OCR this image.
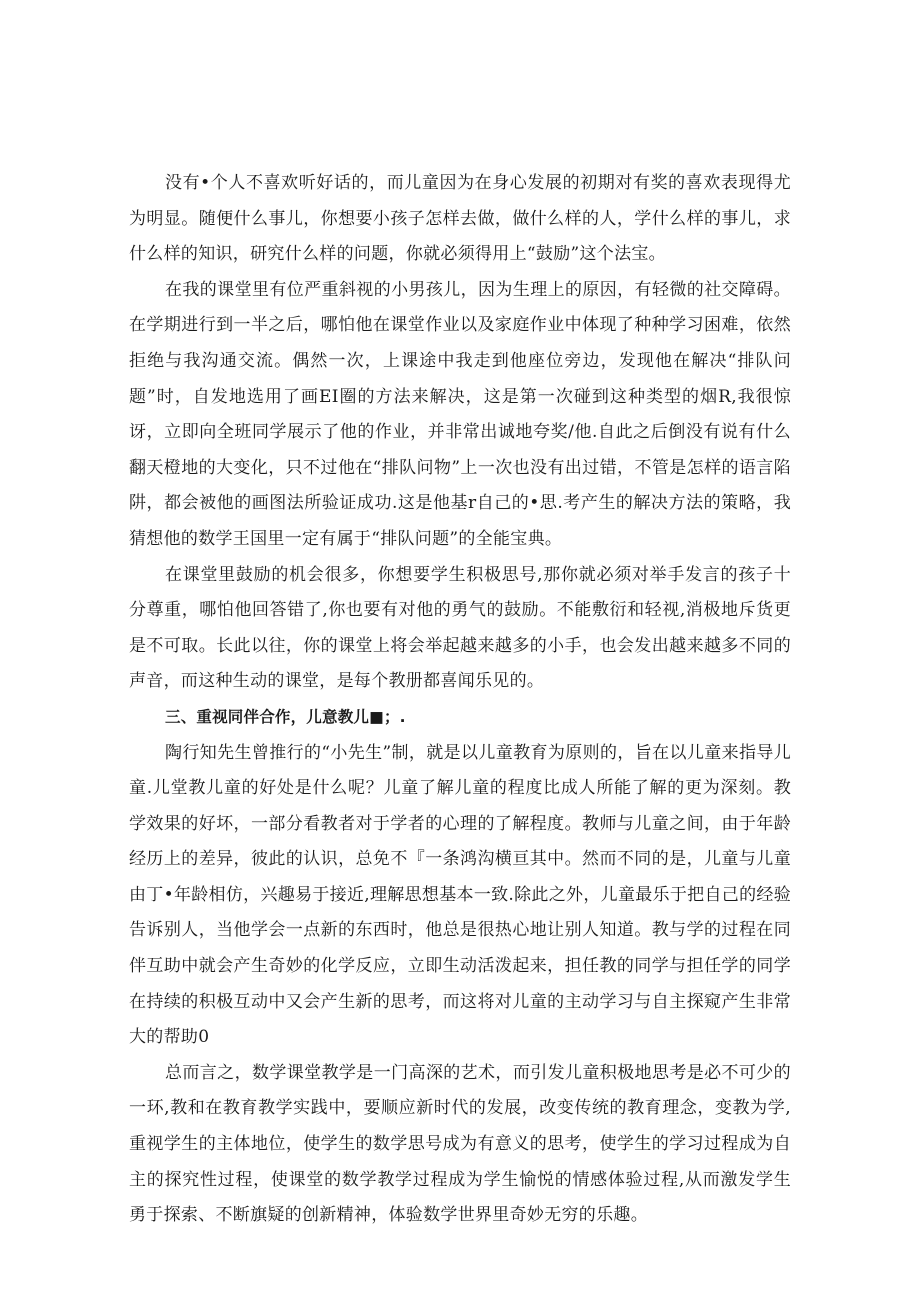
没有•个人不喜欢听好话的，而儿童因为在身心发展的初期对有奖的喜欢表现得尤为明显。随便什么事儿，你想要小孩子怎样去做，做什么样的人，学什么样的事儿，求什么样的知识，研究什么样的问题，你就必须得用上“鼓励”这个法宝。

在我的课堂里有位严重斜视的小男孩儿，因为生理上的原因，有轻微的社交障碍。在学期进行到一半之后，哪怕他在课堂作业以及家庭作业中体现了种种学习困难，依然拒绝与我沟通交流。偶然一次，上课途中我走到他座位旁边，发现他在解决“排队问题”时，自发地选用了画EI圈的方法来解决，这是第一次碰到这种类型的烟R,我很惊讶，立即向全班同学展示了他的作业，并非常出诚地夸奖/他.自此之后倒没有说有什么翻天橙地的大变化，只不过他在“排队问物”上一次也没有出过错，不管是怎样的语言陷阱，都会被他的画图法所验证成功.这是他基r自己的•思.考产生的解决方法的策略，我猜想他的数学王国里一定有属于“排队问题”的全能宝典。

在课堂里鼓励的机会很多，你想要学生积极思号,那你就必须对举手发言的孩子十分尊重，哪怕他回答错了,你也要有对他的勇气的鼓励。不能敷衍和轻视,消极地斥货更是不可取。长此以往，你的课堂上将会举起越来越多的小手，也会发出越来越多不同的声音，而这种生动的课堂，是每个教册都喜闻乐见的。

三、重视同伴合作，儿意教儿■；.

陶行知先生曾推行的“小先生”制，就是以儿童教育为原则的，旨在以儿童来指导儿童.儿堂教儿童的好处是什么呢？儿童了解儿童的程度比成人所能了解的更为深刻。教学效果的好坏，一部分看教者对于学者的心理的了解程度。教师与儿童之间，由于年龄经历上的差异，彼此的认识，总免不『一条鸿沟横亘其中。然而不同的是，儿童与儿童由丁•年龄相仿，兴趣易于接近,理解思想基本一致.除此之外，儿童最乐于把自己的经验告诉别人，当他学会一点新的东西时，他总是很热心地让别人知道。教与学的过程在同伴互助中就会产生奇妙的化学反应，立即生动活泼起来，担任教的同学与担任学的同学在持续的积极互动中又会产生新的思考，而这将对儿童的主动学习与自主探窥产生非常大的帮助0

总而言之，数学课堂教学是一门高深的艺术，而引发儿童积极地思考是必不可少的一环,教和在教育教学实践中，要顺应新时代的发展，改变传统的教育理念，变教为学,重视学生的主体地位，使学生的数学思号成为有意义的思考，使学生的学习过程成为自主的探究性过程，使课堂的数学教学过程成为学生愉悦的情感体验过程,从而激发学生勇于探索、不断旗疑的创新精神，体验数学世界里奇妙无穷的乐趣。
